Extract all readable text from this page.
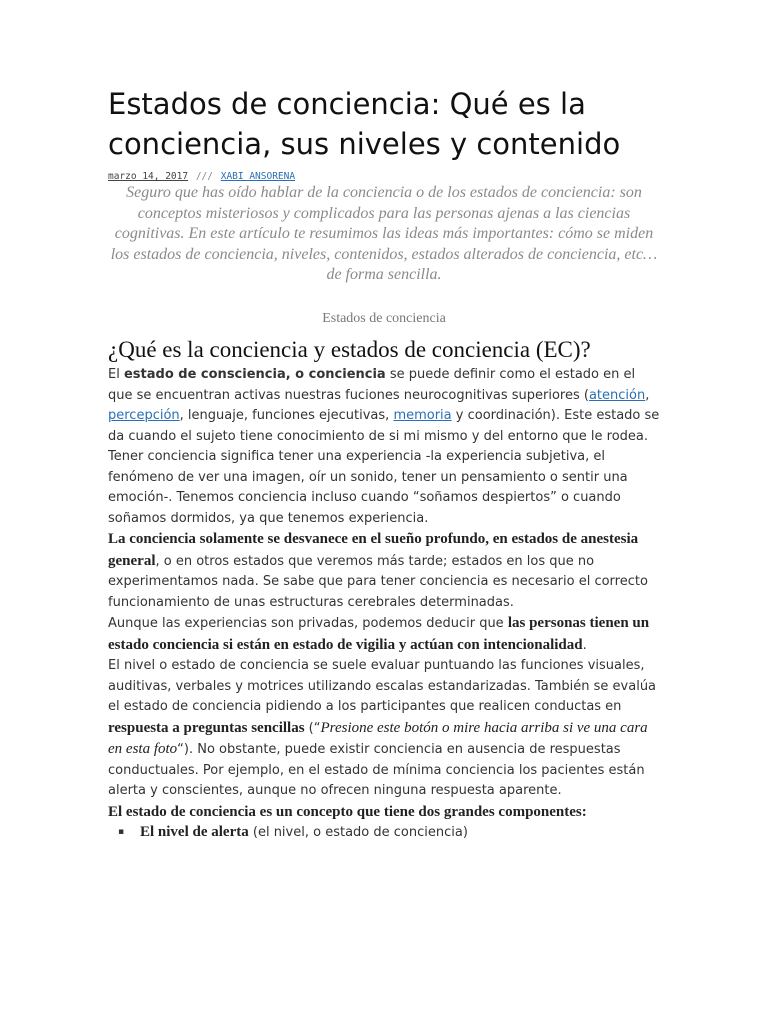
Estados de conciencia: Qué es la conciencia, sus niveles y contenido

marzo 14, 2017 /// XABI ANSORENA

Seguro que has oído hablar de la conciencia o de los estados de conciencia: son conceptos misteriosos y complicados para las personas ajenas a las ciencias cognitivas. En este artículo te resumimos las ideas más importantes: cómo se miden los estados de conciencia, niveles, contenidos, estados alterados de conciencia, etc… de forma sencilla.

Estados de conciencia

¿Qué es la conciencia y estados de conciencia (EC)?

El estado de consciencia, o conciencia se puede definir como el estado en el que se encuentran activas nuestras fuciones neurocognitivas superiores (atención, percepción, lenguaje, funciones ejecutivas, memoria y coordinación). Este estado se da cuando el sujeto tiene conocimiento de si mi mismo y del entorno que le rodea.

Tener conciencia significa tener una experiencia -la experiencia subjetiva, el fenómeno de ver una imagen, oír un sonido, tener un pensamiento o sentir una emoción-. Tenemos conciencia incluso cuando “soñamos despiertos” o cuando soñamos dormidos, ya que tenemos experiencia.

La conciencia solamente se desvanece en el sueño profundo, en estados de anestesia general, o en otros estados que veremos más tarde; estados en los que no experimentamos nada. Se sabe que para tener conciencia es necesario el correcto funcionamiento de unas estructuras cerebrales determinadas.

Aunque las experiencias son privadas, podemos deducir que las personas tienen un estado conciencia si están en estado de vigilia y actúan con intencionalidad.

El nivel o estado de conciencia se suele evaluar puntuando las funciones visuales, auditivas, verbales y motrices utilizando escalas estandarizadas. También se evalúa el estado de conciencia pidiendo a los participantes que realicen conductas en respuesta a preguntas sencillas (“Presione este botón o mire hacia arriba si ve una cara en esta foto“). No obstante, puede existir conciencia en ausencia de respuestas conductuales. Por ejemplo, en el estado de mínima conciencia los pacientes están alerta y conscientes, aunque no ofrecen ninguna respuesta aparente.

El estado de conciencia es un concepto que tiene dos grandes componentes:

▪ El nivel de alerta (el nivel, o estado de conciencia)
